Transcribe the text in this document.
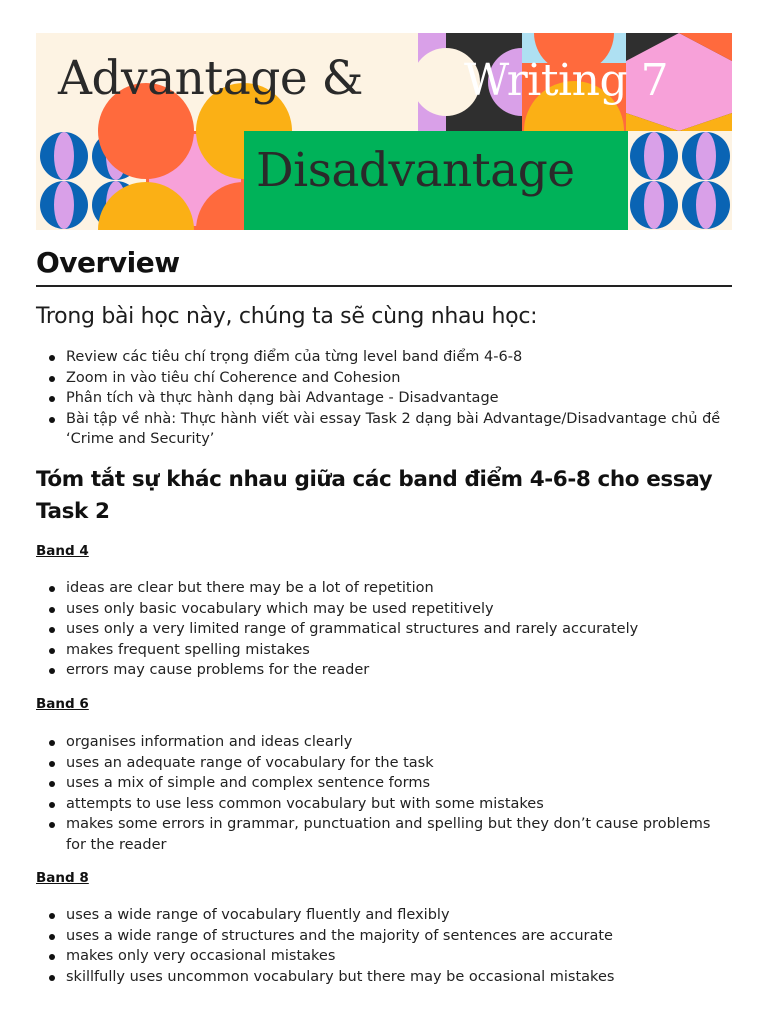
Advantage & Writing 7
Disadvantage
Overview
Trong bài học này, chúng ta sẽ cùng nhau học:
Review các tiêu chí trọng điểm của từng level band điểm 4-6-8
Zoom in vào tiêu chí Coherence and Cohesion
Phân tích và thực hành dạng bài Advantage - Disadvantage
Bài tập về nhà: Thực hành viết vài essay Task 2 dạng bài Advantage/Disadvantage chủ đề ‘Crime and Security’
Tóm tắt sự khác nhau giữa các band điểm 4-6-8 cho essay Task 2
Band 4
ideas are clear but there may be a lot of repetition
uses only basic vocabulary which may be used repetitively
uses only a very limited range of grammatical structures and rarely accurately
makes frequent spelling mistakes
errors may cause problems for the reader
Band 6
organises information and ideas clearly
uses an adequate range of vocabulary for the task
uses a mix of simple and complex sentence forms
attempts to use less common vocabulary but with some mistakes
makes some errors in grammar, punctuation and spelling but they don’t cause problems for the reader
Band 8
uses a wide range of vocabulary fluently and flexibly
uses a wide range of structures and the majority of sentences are accurate
makes only very occasional mistakes
skillfully uses uncommon vocabulary but there may be occasional mistakes
